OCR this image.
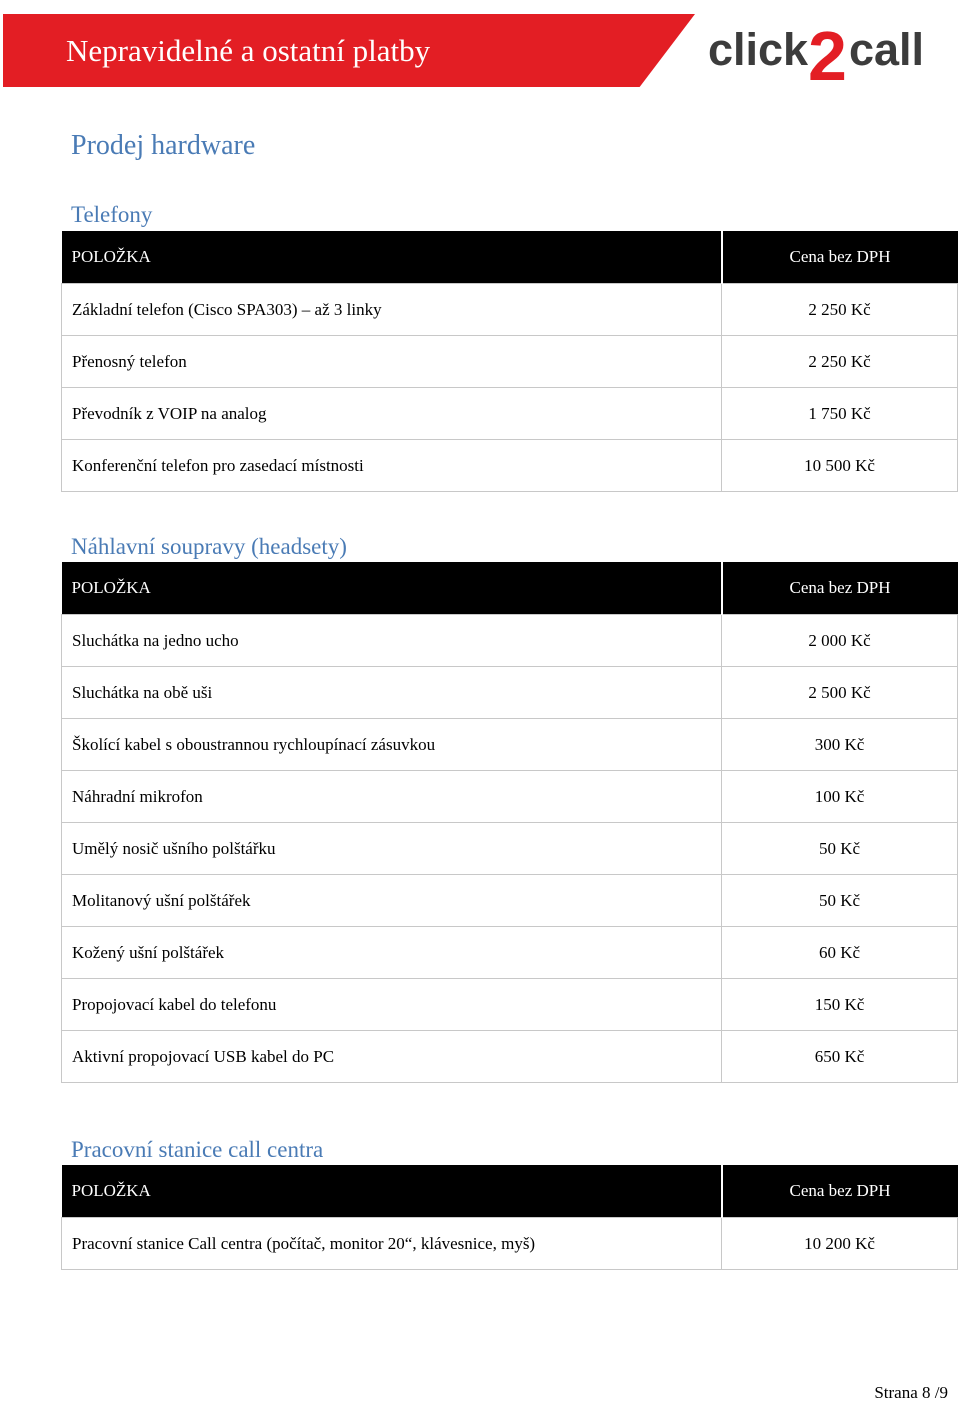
Nepravidelné a ostatní platby	click 2 call
Prodej hardware
Telefony
POLOŽKA	Cena bez DPH
Základní telefon (Cisco SPA303) – až 3 linky	2 250 Kč
Přenosný telefon	2 250 Kč
Převodník z VOIP na analog	1 750 Kč
Konferenční telefon pro zasedací místnosti	10 500 Kč
Náhlavní soupravy (headsety)
POLOŽKA	Cena bez DPH
Sluchátka na jedno ucho	2 000 Kč
Sluchátka na obě uši	2 500 Kč
Školící kabel s oboustrannou rychloupínací zásuvkou	300 Kč
Náhradní mikrofon	100 Kč
Umělý nosič ušního polštářku	50 Kč
Molitanový ušní polštářek	50 Kč
Kožený ušní polštářek	60 Kč
Propojovací kabel do telefonu	150 Kč
Aktivní propojovací USB kabel do PC	650 Kč
Pracovní stanice call centra
POLOŽKA	Cena bez DPH
Pracovní stanice Call centra (počítač, monitor 20“, klávesnice, myš)	10 200 Kč
Strana 8 /9
